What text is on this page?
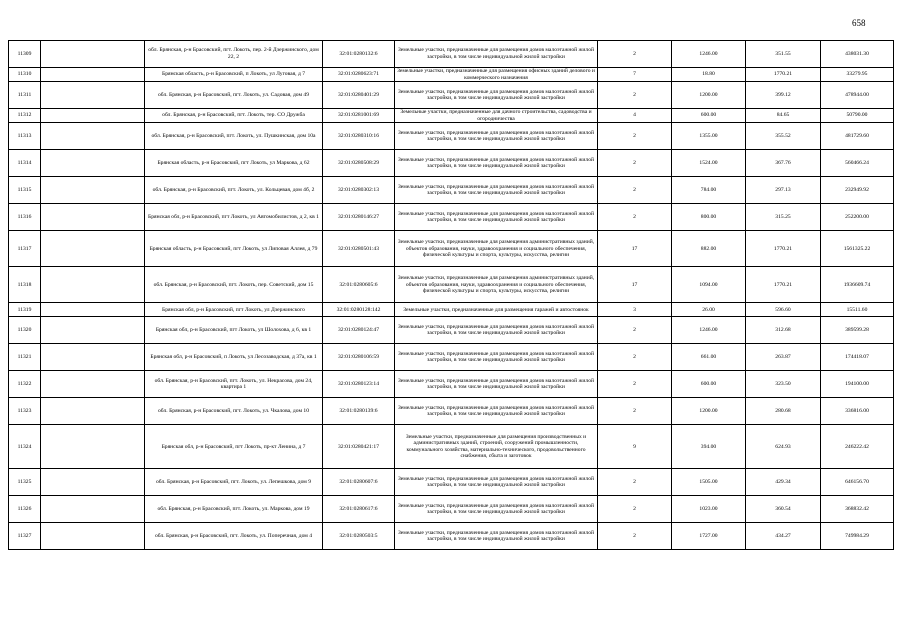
658
11309		обл. Брянская, р-н Брасовский, пгт. Локоть, пер. 2-й Дзержинского, дом 22, 2	32:01:0280132:6	Земельные участки, предназначенные для размещения домов малоэтажной жилой застройки, в том числе индивидуальной жилой застройки	2	1246.00	351.55	438031.30
11310		Брянская область, р-н Брасовский, п Локоть, ул Луговая, д 7	32:01:0280623:71	Земельные участки, предназначенные для размещения офисных зданий делового и коммерческого назначения	7	18.80	1770.21	33279.95
11311		обл. Брянская, р-н Брасовский, пгт. Локоть, ул. Садовая, дом 49	32:01:0280401:29	Земельные участки, предназначенные для размещения домов малоэтажной жилой застройки, в том числе индивидуальной жилой застройки	2	1200.00	399.12	478944.00
11312		обл. Брянская, р-н Брасовский, пгт. Локоть, тер. СО Дружба	32:01:0281001:69	Земельные участки, предназначенные для дачного строительства, садоводства и огородничества	4	600.00	84.65	50790.00
11313		обл. Брянская, р-н Брасовский, пгт. Локоть, ул. Пушкинская, дом 10а	32:01:0280310:16	Земельные участки, предназначенные для размещения домов малоэтажной жилой застройки, в том числе индивидуальной жилой застройки	2	1355.00	355.52	481729.60
11314		Брянская область, р-н Брасовский, пгт Локоть, ул Маркова, д 62	32:01:0280508:29	Земельные участки, предназначенные для размещения домов малоэтажной жилой застройки, в том числе индивидуальной жилой застройки	2	1524.00	367.76	560466.24
11315		обл. Брянская, р-н Брасовский, пгт. Локоть, ул. Кольцевая, дом 4б, 2	32:01:0280302:13	Земельные участки, предназначенные для размещения домов малоэтажной жилой застройки, в том числе индивидуальной жилой застройки	2	784.00	297.13	232949.92
11316		Брянская обл, р-н Брасовский, пгт Локоть, ул Автомобилистов, д 2, кв 1	32:01:0280146:27	Земельные участки, предназначенные для размещения домов малоэтажной жилой застройки, в том числе индивидуальной жилой застройки	2	800.00	315.25	252200.00
11317		Брянская область, р-н Брасовский, пгт Локоть, ул Липовая Аллея, д 79	32:01:0280501:43	Земельные участки, предназначенные для размещения административных зданий, объектов образования, науки, здравоохранения и социального обеспечения, физической культуры и спорта, культуры, искусства, религии	17	882.00	1770.21	1561325.22
11318		обл. Брянская, р-н Брасовский, пгт. Локоть, пер. Советский, дом 15	32:01:0280605:6	Земельные участки, предназначенные для размещения административных зданий, объектов образования, науки, здравоохранения и социального обеспечения, физической культуры и спорта, культуры, искусства, религии	17	1094.00	1770.21	1936609.74
11319		Брянская обл, р-н Брасовский, пгт Локоть, ул Дзержинского	32:01:0280128:142	Земельные участки, предназначенные для размещения гаражей и автостоянок	3	26.00	596.60	15511.60
11320		Брянская обл, р-н Брасовский, пгт Локоть, ул Шолохова, д 6, кв 1	32:01:0280124:47	Земельные участки, предназначенные для размещения домов малоэтажной жилой застройки, в том числе индивидуальной жилой застройки	2	1246.00	312.68	389599.28
11321		Брянская обл, р-н Брасовский, п Локоть, ул Лесозаводская, д 37а, кв 1	32:01:0280106:59	Земельные участки, предназначенные для размещения домов малоэтажной жилой застройки, в том числе индивидуальной жилой застройки	2	661.00	263.87	174418.07
11322		обл. Брянская, р-н Брасовский, пгт. Локоть, ул. Некрасова, дом 24, квартира 1	32:01:0280123:14	Земельные участки, предназначенные для размещения домов малоэтажной жилой застройки, в том числе индивидуальной жилой застройки	2	600.00	323.50	194100.00
11323		обл. Брянская, р-н Брасовский, пгт. Локоть, ул. Чкалова, дом 10	32:01:0280139:6	Земельные участки, предназначенные для размещения домов малоэтажной жилой застройки, в том числе индивидуальной жилой застройки	2	1200.00	280.68	336816.00
11324		Брянская обл, р-н Брасовский, пгт Локоть, пр-кт Ленина, д 7	32:01:0280421:17	Земельные участки, предназначенные для размещения производственных и административных зданий, строений, сооружений промышленности, коммунального хозяйства, материально-технического, продовольственного снабжения, сбыта и заготовок	9	394.00	624.93	246222.42
11325		обл. Брянская, р-н Брасовский, пгт. Локоть, ул. Лепешкова, дом 9	32:01:0280607:6	Земельные участки, предназначенные для размещения домов малоэтажной жилой застройки, в том числе индивидуальной жилой застройки	2	1505.00	429.34	646156.70
11326		обл. Брянская, р-н Брасовский, пгт. Локоть, ул. Маркова, дом 19	32:01:0280617:6	Земельные участки, предназначенные для размещения домов малоэтажной жилой застройки, в том числе индивидуальной жилой застройки	2	1023.00	360.54	368832.42
11327		обл. Брянская, р-н Брасовский, пгт. Локоть, ул. Поперечная, дом 4	32:01:0280503:5	Земельные участки, предназначенные для размещения домов малоэтажной жилой застройки, в том числе индивидуальной жилой застройки	2	1727.00	434.27	749984.29
